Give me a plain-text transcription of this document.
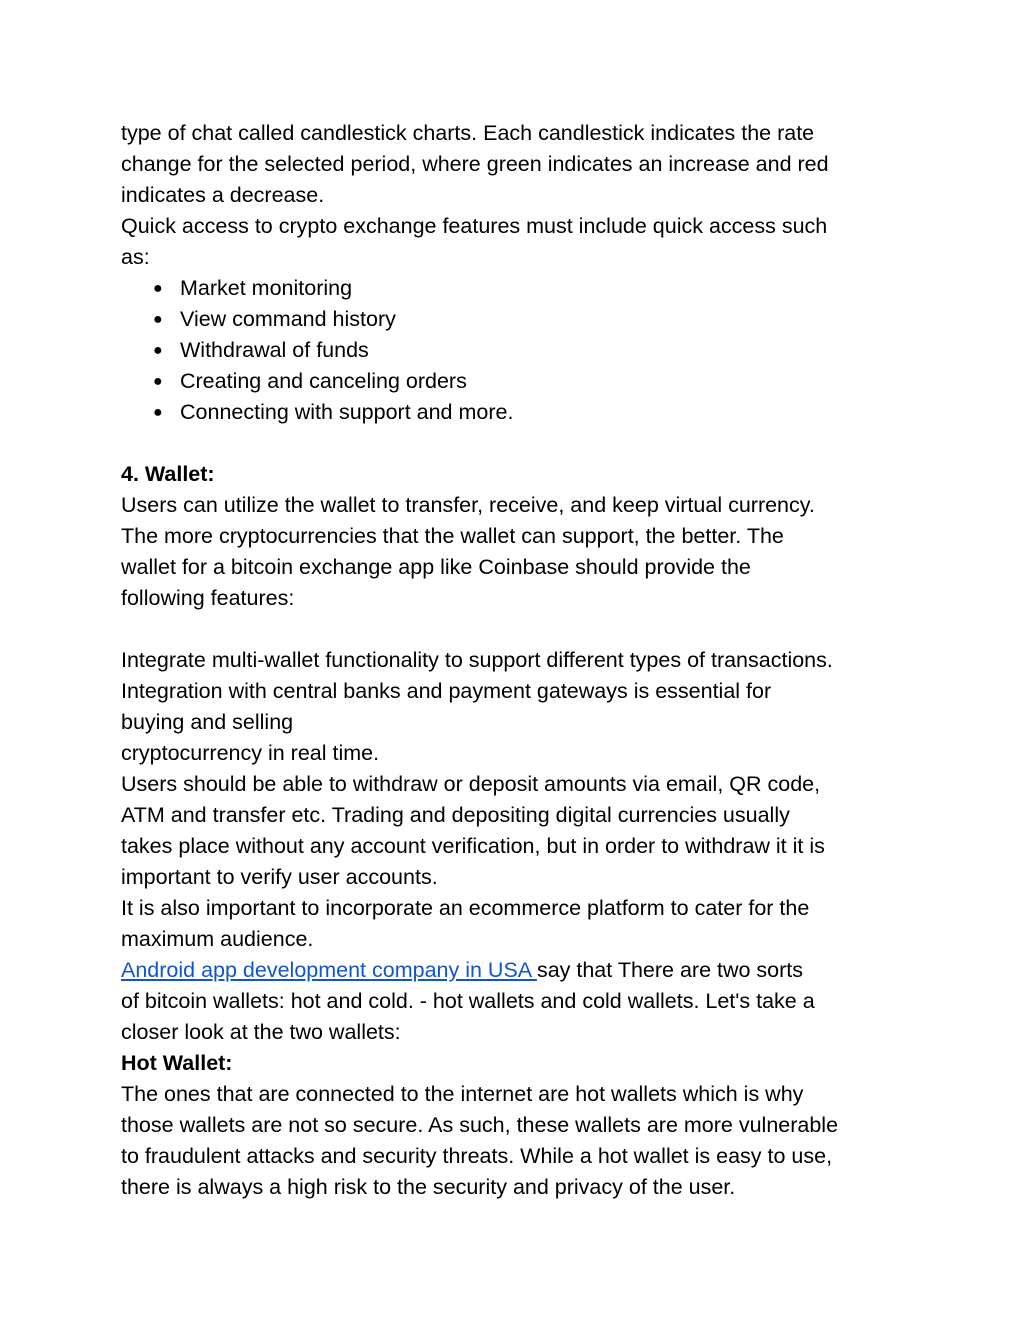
type of chat called candlestick charts. Each candlestick indicates the rate
change for the selected period, where green indicates an increase and red
indicates a decrease.
Quick access to crypto exchange features must include quick access such
as:
● Market monitoring
● View command history
● Withdrawal of funds
● Creating and canceling orders
● Connecting with support and more.
4. Wallet:
Users can utilize the wallet to transfer, receive, and keep virtual currency.
The more cryptocurrencies that the wallet can support, the better. The
wallet for a bitcoin exchange app like Coinbase should provide the
following features:
Integrate multi-wallet functionality to support different types of transactions.
Integration with central banks and payment gateways is essential for
buying and selling
cryptocurrency in real time.
Users should be able to withdraw or deposit amounts via email, QR code,
ATM and transfer etc. Trading and depositing digital currencies usually
takes place without any account verification, but in order to withdraw it it is
important to verify user accounts.
It is also important to incorporate an ecommerce platform to cater for the
maximum audience.
Android app development company in USA say that There are two sorts
of bitcoin wallets: hot and cold. - hot wallets and cold wallets. Let's take a
closer look at the two wallets:
Hot Wallet:
The ones that are connected to the internet are hot wallets which is why
those wallets are not so secure. As such, these wallets are more vulnerable
to fraudulent attacks and security threats. While a hot wallet is easy to use,
there is always a high risk to the security and privacy of the user.
